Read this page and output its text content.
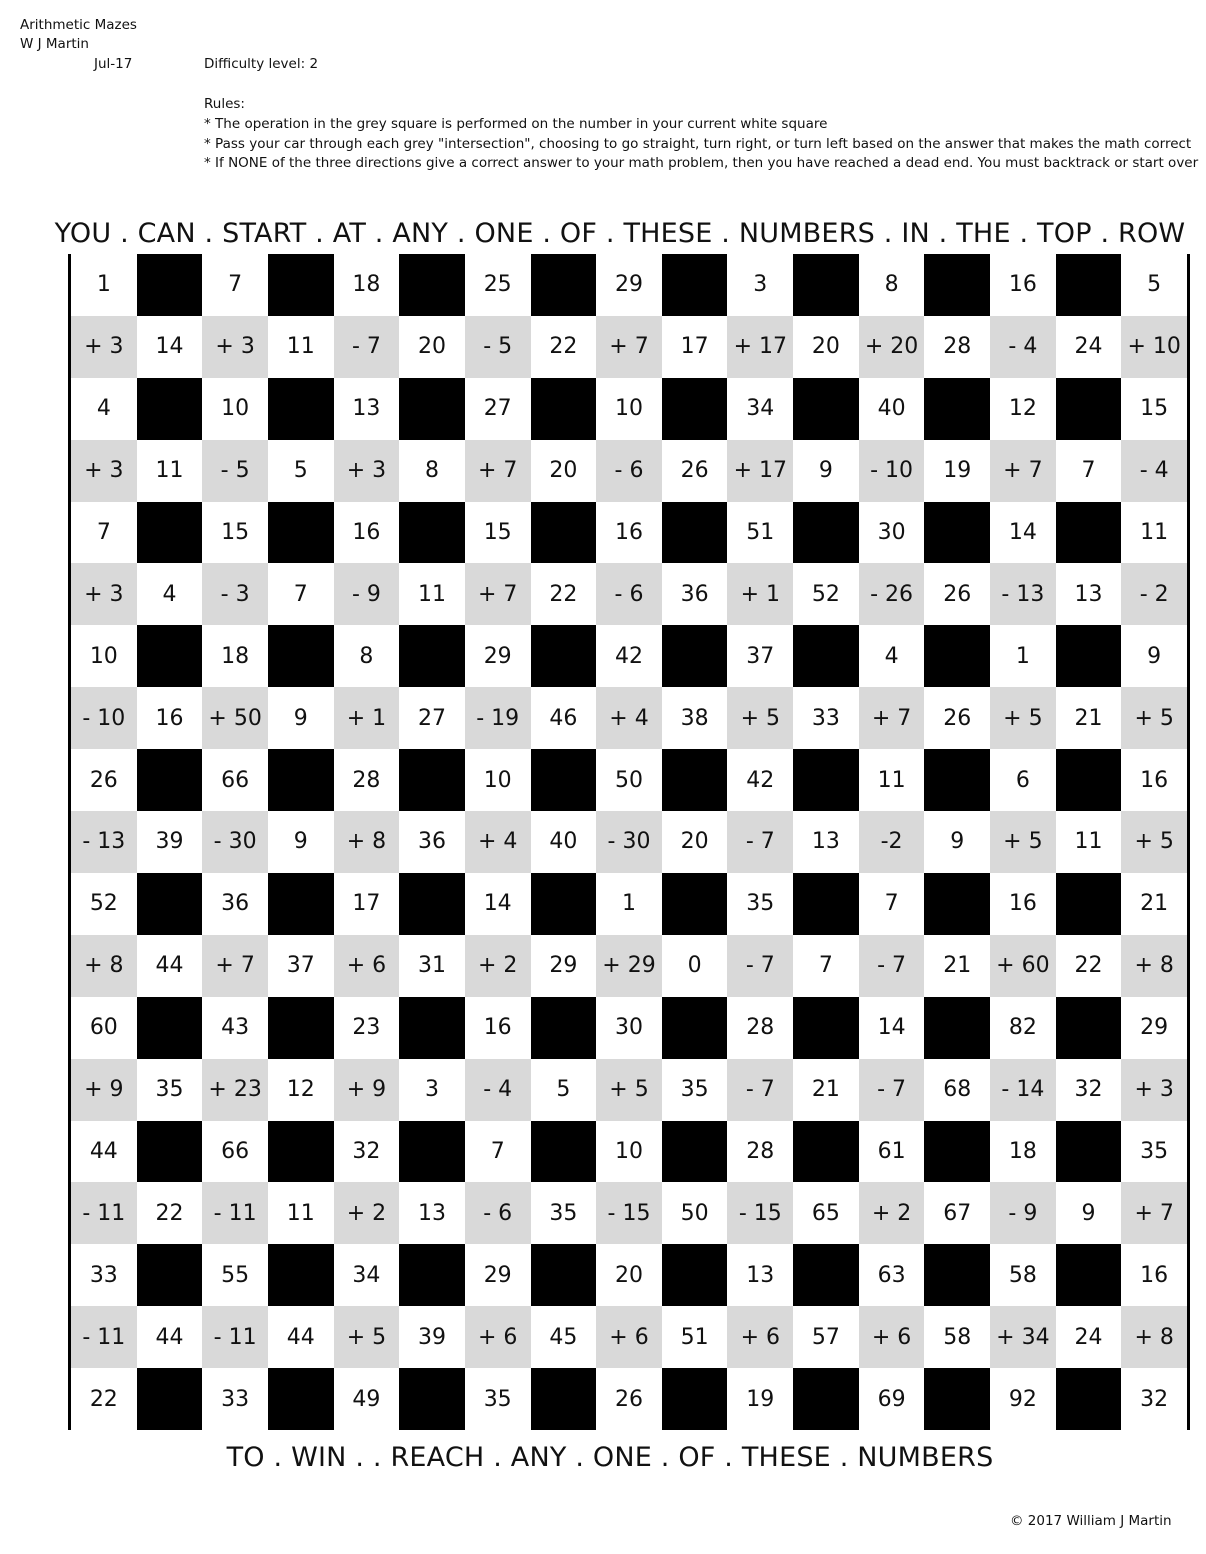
Arithmetic Mazes
W J Martin
Jul-17	Difficulty level: 2
Rules:
* The operation in the grey square is performed on the number in your current white square
* Pass your car through each grey "intersection", choosing to go straight, turn right, or turn left based on the answer that makes the math correct
* If NONE of the three directions give a correct answer to your math problem, then you have reached a dead end. You must backtrack or start over
YOU . CAN . START . AT . ANY . ONE . OF . THESE . NUMBERS . IN . THE . TOP . ROW
1	7	18	25	29	3	8	16	5
+ 3	14	+ 3	11	- 7	20	- 5	22	+ 7	17	+ 17	20	+ 20	28	- 4	24	+ 10
4	10	13	27	10	34	40	12	15
+ 3	11	- 5	5	+ 3	8	+ 7	20	- 6	26	+ 17	9	- 10	19	+ 7	7	- 4
7	15	16	15	16	51	30	14	11
+ 3	4	- 3	7	- 9	11	+ 7	22	- 6	36	+ 1	52	- 26	26	- 13	13	- 2
10	18	8	29	42	37	4	1	9
- 10	16	+ 50	9	+ 1	27	- 19	46	+ 4	38	+ 5	33	+ 7	26	+ 5	21	+ 5
26	66	28	10	50	42	11	6	16
- 13	39	- 30	9	+ 8	36	+ 4	40	- 30	20	- 7	13	-2	9	+ 5	11	+ 5
52	36	17	14	1	35	7	16	21
+ 8	44	+ 7	37	+ 6	31	+ 2	29	+ 29	0	- 7	7	- 7	21	+ 60	22	+ 8
60	43	23	16	30	28	14	82	29
+ 9	35	+ 23	12	+ 9	3	- 4	5	+ 5	35	- 7	21	- 7	68	- 14	32	+ 3
44	66	32	7	10	28	61	18	35
- 11	22	- 11	11	+ 2	13	- 6	35	- 15	50	- 15	65	+ 2	67	- 9	9	+ 7
33	55	34	29	20	13	63	58	16
- 11	44	- 11	44	+ 5	39	+ 6	45	+ 6	51	+ 6	57	+ 6	58	+ 34	24	+ 8
22	33	49	35	26	19	69	92	32
TO . WIN . . REACH . ANY . ONE . OF . THESE . NUMBERS
© 2017 William J Martin
